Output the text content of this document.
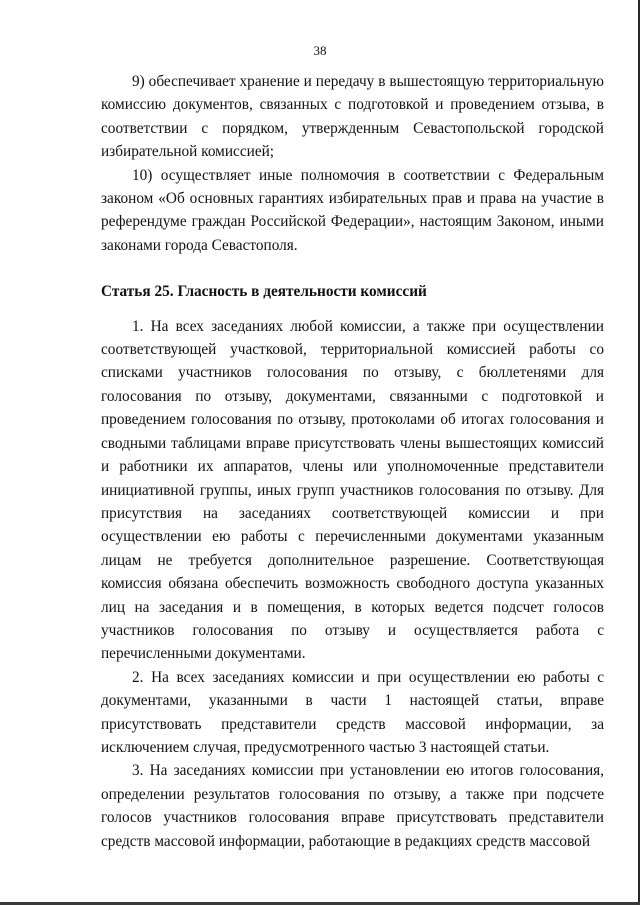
38

9) обеспечивает хранение и передачу в вышестоящую территориальную комиссию документов, связанных с подготовкой и проведением отзыва, в соответствии с порядком, утвержденным Севастопольской городской избирательной комиссией;

10) осуществляет иные полномочия в соответствии с Федеральным законом «Об основных гарантиях избирательных прав и права на участие в референдуме граждан Российской Федерации», настоящим Законом, иными законами города Севастополя.

Статья 25. Гласность в деятельности комиссий

1. На всех заседаниях любой комиссии, а также при осуществлении соответствующей участковой, территориальной комиссией работы со списками участников голосования по отзыву, с бюллетенями для голосования по отзыву, документами, связанными с подготовкой и проведением голосования по отзыву, протоколами об итогах голосования и сводными таблицами вправе присутствовать члены вышестоящих комиссий и работники их аппаратов, члены или уполномоченные представители инициативной группы, иных групп участников голосования по отзыву. Для присутствия на заседаниях соответствующей комиссии и при осуществлении ею работы с перечисленными документами указанным лицам не требуется дополнительное разрешение. Соответствующая комиссия обязана обеспечить возможность свободного доступа указанных лиц на заседания и в помещения, в которых ведется подсчет голосов участников голосования по отзыву и осуществляется работа с перечисленными документами.

2. На всех заседаниях комиссии и при осуществлении ею работы с документами, указанными в части 1 настоящей статьи, вправе присутствовать представители средств массовой информации, за исключением случая, предусмотренного частью 3 настоящей статьи.

3. На заседаниях комиссии при установлении ею итогов голосования, определении результатов голосования по отзыву, а также при подсчете голосов участников голосования вправе присутствовать представители средств массовой информации, работающие в редакциях средств массовой
